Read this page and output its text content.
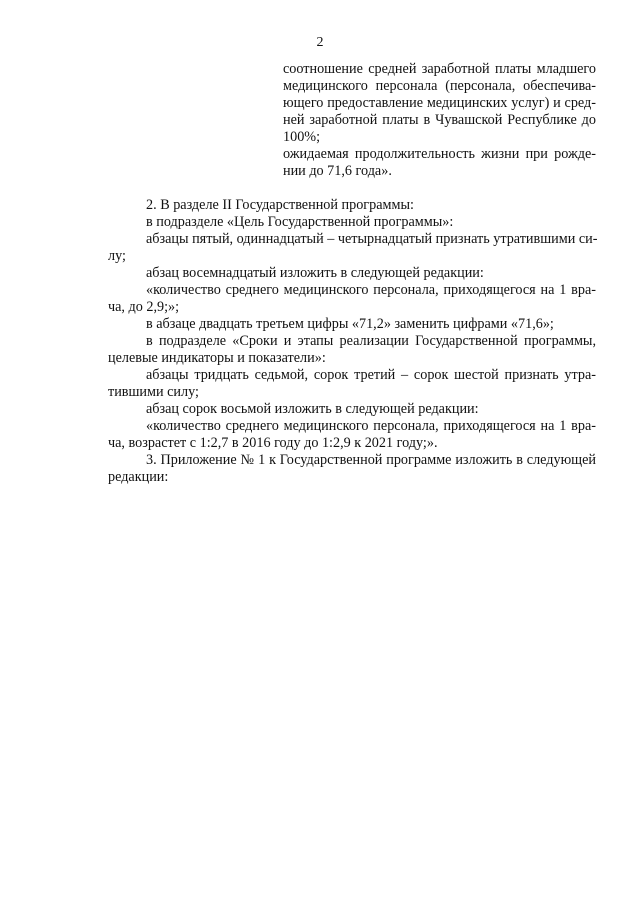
2
соотношение средней заработной платы младшего
медицинского персонала (персонала, обеспечива-
ющего предоставление медицинских услуг) и сред-
ней заработной платы в Чувашской Республике до
100%;
ожидаемая продолжительность жизни при рожде-
нии до 71,6 года».
2. В разделе II Государственной программы:
в подразделе «Цель Государственной программы»:
абзацы пятый, одиннадцатый – четырнадцатый признать утратившими си-
лу;
абзац восемнадцатый изложить в следующей редакции:
«количество среднего медицинского персонала, приходящегося на 1 вра-
ча, до 2,9;»;
в абзаце двадцать третьем цифры «71,2» заменить цифрами «71,6»;
в подразделе «Сроки и этапы реализации Государственной программы,
целевые индикаторы и показатели»:
абзацы тридцать седьмой, сорок третий – сорок шестой признать утра-
тившими силу;
абзац сорок восьмой изложить в следующей редакции:
«количество среднего медицинского персонала, приходящегося на 1 вра-
ча, возрастет с 1:2,7 в 2016 году до 1:2,9 к 2021 году;».
3. Приложение № 1 к Государственной программе изложить в следующей
редакции:
